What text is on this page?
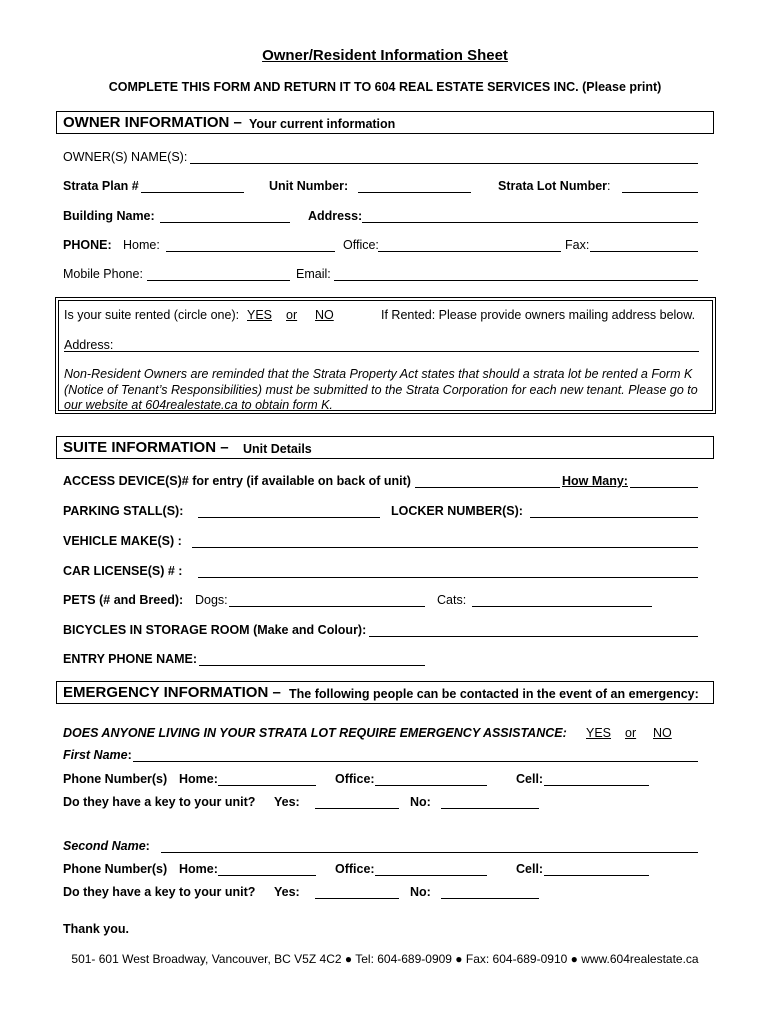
Owner/Resident Information Sheet
COMPLETE THIS FORM AND RETURN IT TO 604 REAL ESTATE SERVICES INC. (Please print)
OWNER INFORMATION – Your current information
OWNER(S) NAME(S):
Strata Plan #	Unit Number:	Strata Lot Number:
Building Name:	Address:
PHONE: Home:	Office:	Fax:
Mobile Phone:	Email:
Is your suite rented (circle one): YES or NO	If Rented: Please provide owners mailing address below.
Address:
Non-Resident Owners are reminded that the Strata Property Act states that should a strata lot be rented a Form K
(Notice of Tenant’s Responsibilities) must be submitted to the Strata Corporation for each new tenant. Please go to
our website at 604realestate.ca to obtain form K.
SUITE INFORMATION – Unit Details
ACCESS DEVICE(S)# for entry (if available on back of unit)	How Many:
PARKING STALL(S):	LOCKER NUMBER(S):
VEHICLE MAKE(S) :
CAR LICENSE(S) # :
PETS (# and Breed): Dogs:	Cats:
BICYCLES IN STORAGE ROOM (Make and Colour):
ENTRY PHONE NAME:
EMERGENCY INFORMATION – The following people can be contacted in the event of an emergency:
DOES ANYONE LIVING IN YOUR STRATA LOT REQUIRE EMERGENCY ASSISTANCE: YES or NO
First Name:
Phone Number(s) Home:	Office:	Cell:
Do they have a key to your unit? Yes:	No:
Second Name:
Phone Number(s) Home:	Office:	Cell:
Do they have a key to your unit? Yes:	No:
Thank you.
501- 601 West Broadway, Vancouver, BC V5Z 4C2 ● Tel: 604-689-0909 ● Fax: 604-689-0910 ● www.604realestate.ca
